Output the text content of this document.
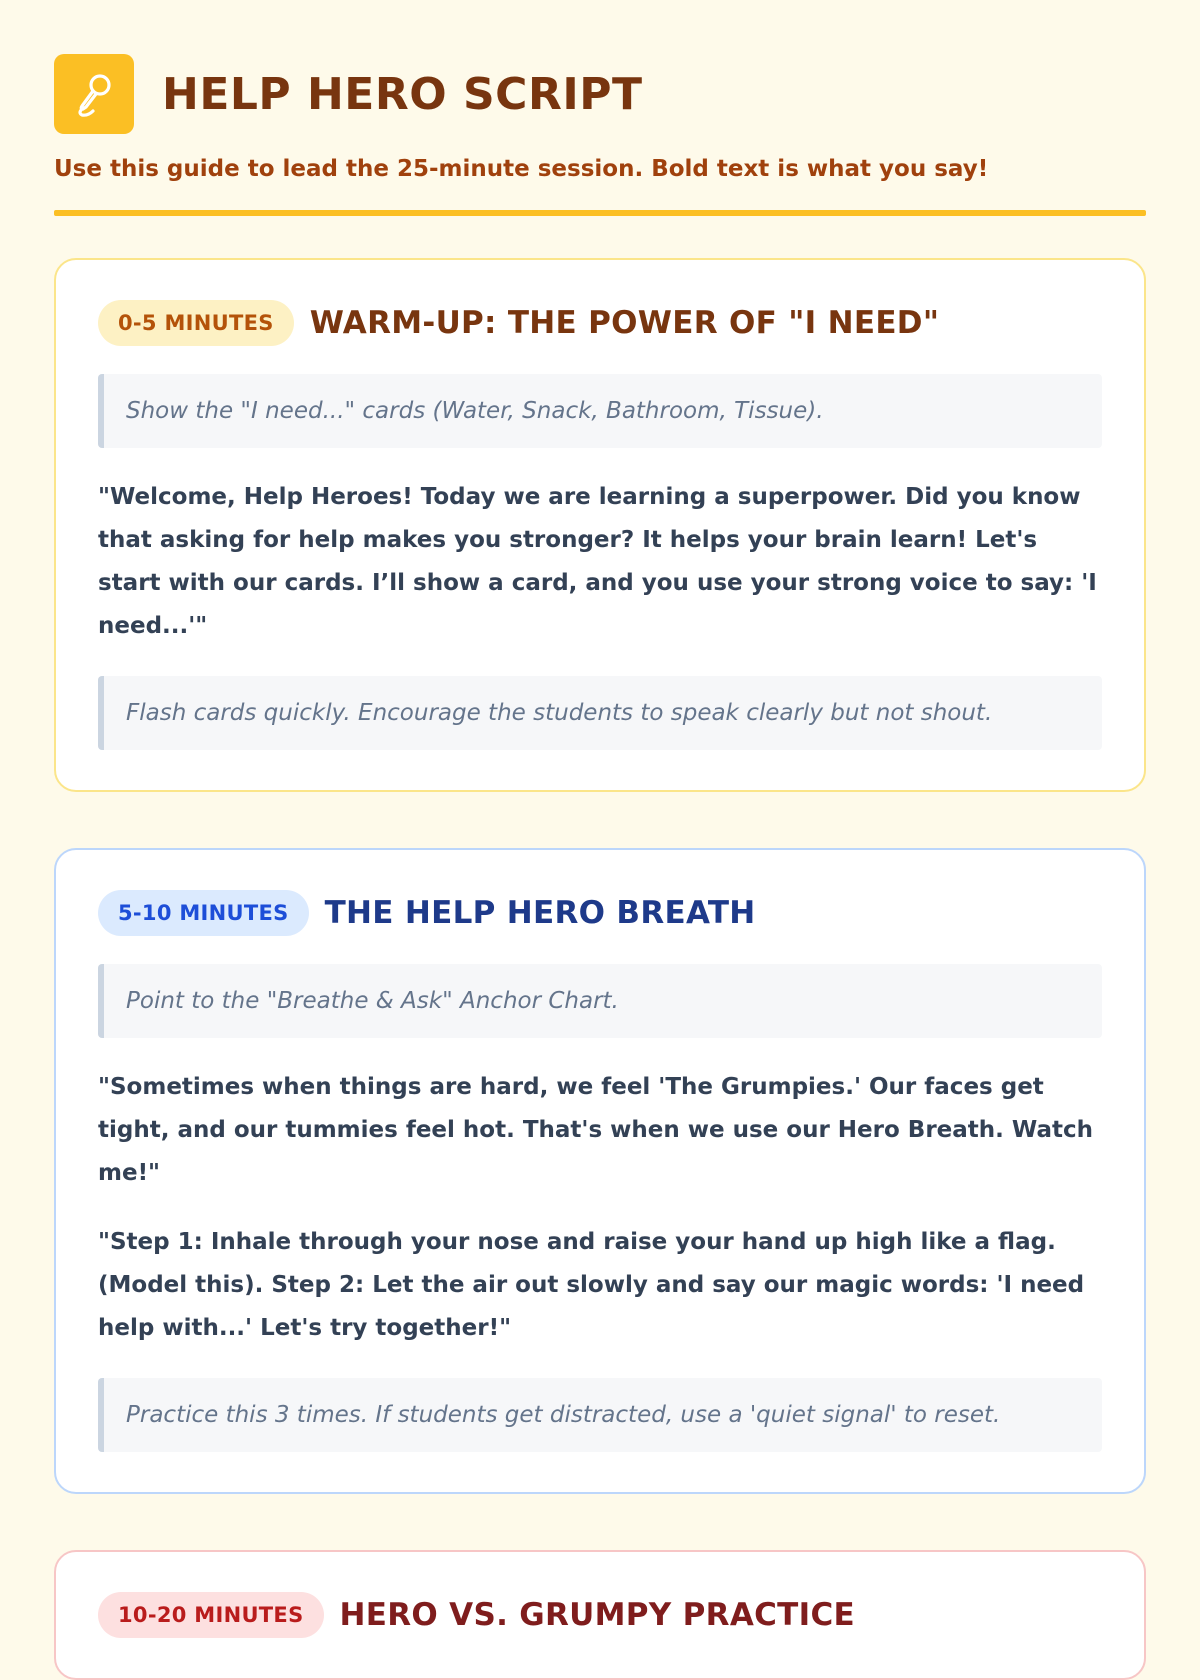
HELP HERO SCRIPT

Use this guide to lead the 25-minute session. Bold text is what you say!

0-5 MINUTES	WARM-UP: THE POWER OF "I NEED"
Show the "I need..." cards (Water, Snack, Bathroom, Tissue).

"Welcome, Help Heroes! Today we are learning a superpower. Did you know that asking for help makes you stronger? It helps your brain learn! Let's start with our cards. I’ll show a card, and you use your strong voice to say: 'I need...'"

Flash cards quickly. Encourage the students to speak clearly but not shout.
5-10 MINUTES	THE HELP HERO BREATH
Point to the "Breathe & Ask" Anchor Chart.

"Sometimes when things are hard, we feel 'The Grumpies.' Our faces get tight, and our tummies feel hot. That's when we use our Hero Breath. Watch me!"

"Step 1: Inhale through your nose and raise your hand up high like a flag. (Model this). Step 2: Let the air out slowly and say our magic words: 'I need help with...' Let's try together!"

Practice this 3 times. If students get distracted, use a 'quiet signal' to reset.
10-20 MINUTES	HERO VS. GRUMPY PRACTICE
